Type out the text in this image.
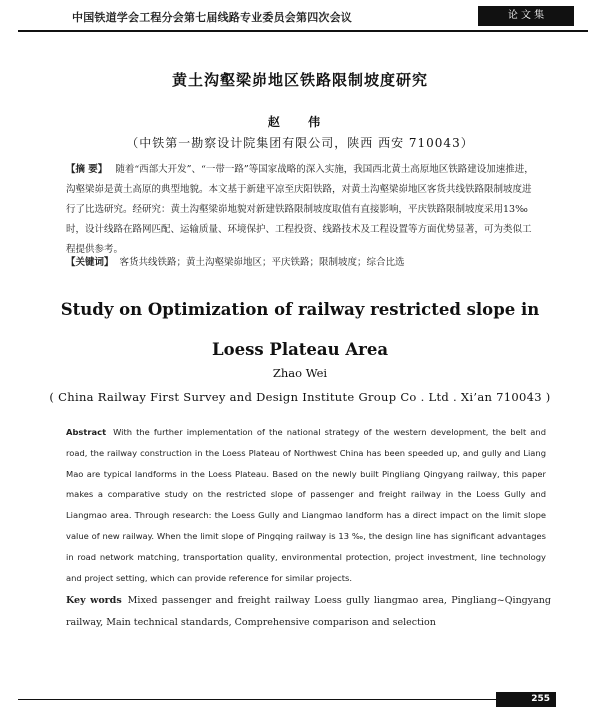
中国铁道学会工程分会第七届线路专业委员会第四次会议	论 文 集
黄土沟壑梁峁地区铁路限制坡度研究
赵 伟
（中铁第一勘察设计院集团有限公司，陕西 西安 710043）
【摘 要】 随着“西部大开发”、“一带一路”等国家战略的深入实施，我国西北黄土高原地区铁路建设加速推进，沟壑梁峁是黄土高原的典型地貌。本文基于新建平凉至庆阳铁路，对黄土沟壑梁峁地区客货共线铁路限制坡度进行了比选研究。经研究：黄土沟壑梁峁地貌对新建铁路限制坡度取值有直接影响，平庆铁路限制坡度采用13‰时，设计线路在路网匹配、运输质量、环境保护、工程投资、线路技术及工程设置等方面优势显著，可为类似工程提供参考。
【关键词】 客货共线铁路；黄土沟壑梁峁地区；平庆铁路；限制坡度；综合比选
Study on Optimization of railway restricted slope in Loess Plateau Area
Zhao Wei
( China Railway First Survey and Design Institute Group Co . Ltd . Xi’an 710043 )
Abstract With the further implementation of the national strategy of the western development, the belt and road, the railway construction in the Loess Plateau of Northwest China has been speeded up, and gully and Liang Mao are typical landforms in the Loess Plateau. Based on the newly built Pingliang Qingyang railway, this paper makes a comparative study on the restricted slope of passenger and freight railway in the Loess Gully and Liangmao area. Through research: the Loess Gully and Liangmao landform has a direct impact on the limit slope value of new railway. When the limit slope of Pingqing railway is 13 ‰, the design line has significant advantages in road network matching, transportation quality, environmental protection, project investment, line technology and project setting, which can provide reference for similar projects.
Key words Mixed passenger and freight railway Loess gully liangmao area, Pingliang~Qingyang railway, Main technical standards, Comprehensive comparison and selection
255
